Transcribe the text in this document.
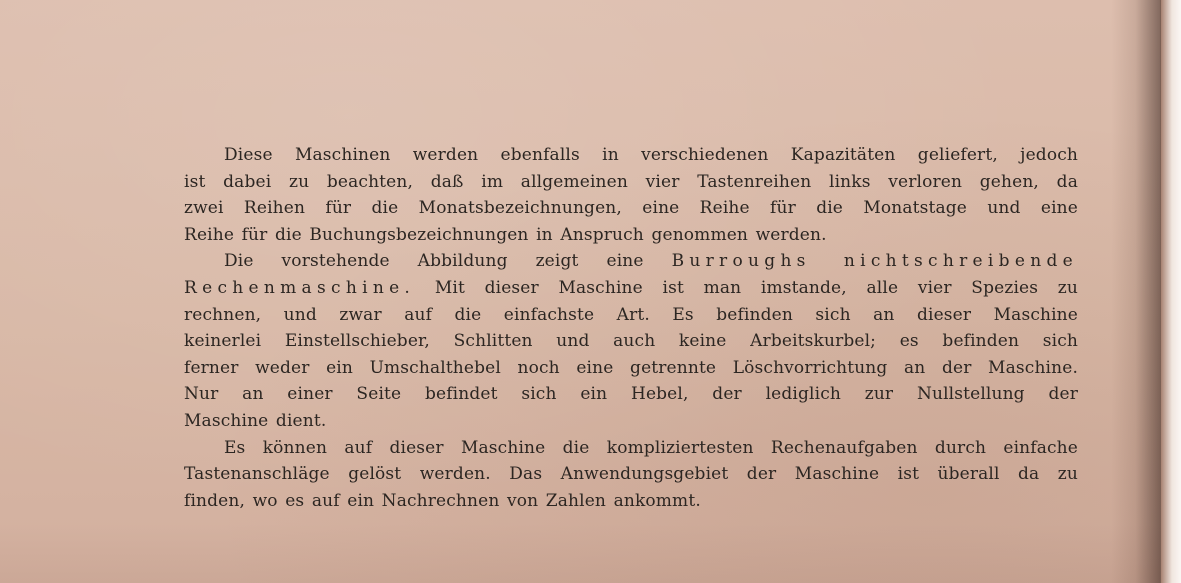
Diese Maschinen werden ebenfalls in verschiedenen Kapazitäten geliefert, jedoch

ist dabei zu beachten, daß im allgemeinen vier Tastenreihen links verloren gehen, da

zwei Reihen für die Monatsbezeichnungen, eine Reihe für die Monatstage und eine

Reihe für die Buchungsbezeichnungen in Anspruch genommen werden.

Die vorstehende Abbildung zeigt eine Burroughs nichtschreibende

Rechenmaschine. Mit dieser Maschine ist man imstande, alle vier Spezies zu

rechnen, und zwar auf die einfachste Art. Es befinden sich an dieser Maschine

keinerlei Einstellschieber, Schlitten und auch keine Arbeitskurbel; es befinden sich

ferner weder ein Umschalthebel noch eine getrennte Löschvorrichtung an der Maschine.

Nur an einer Seite befindet sich ein Hebel, der lediglich zur Nullstellung der

Maschine dient.

Es können auf dieser Maschine die kompliziertesten Rechenaufgaben durch einfache

Tastenanschläge gelöst werden. Das Anwendungsgebiet der Maschine ist überall da zu

finden, wo es auf ein Nachrechnen von Zahlen ankommt.
